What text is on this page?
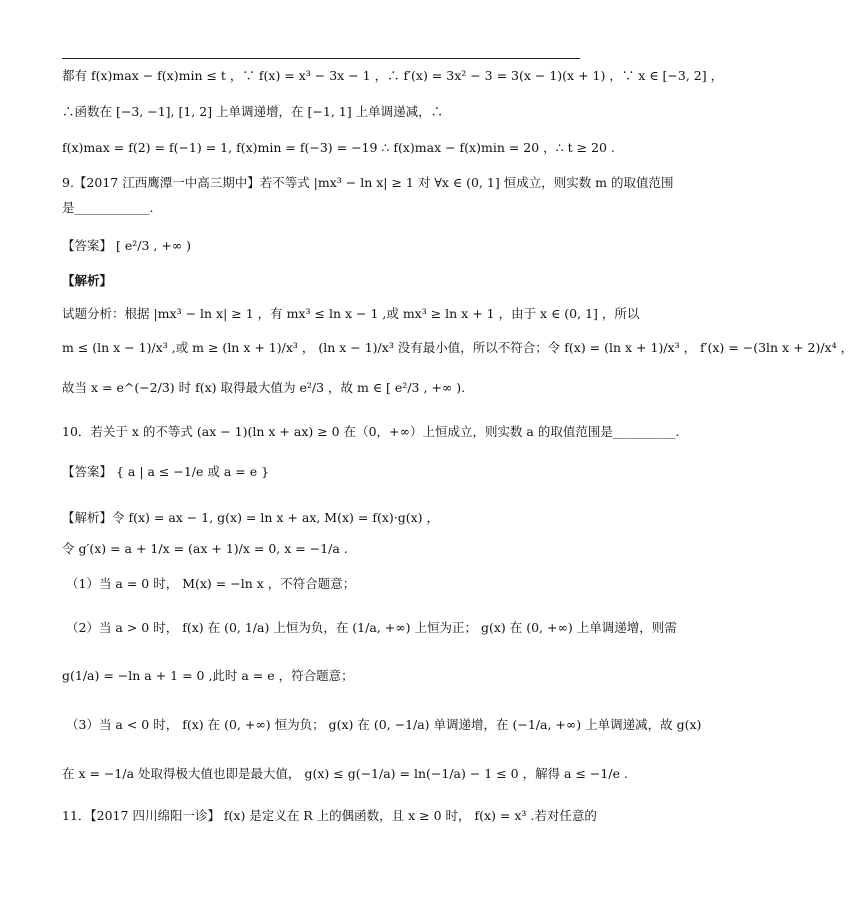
都有 f(x)max − f(x)min ≤ t ，∵ f(x) = x³ − 3x − 1 ，∴ f′(x) = 3x² − 3 = 3(x − 1)(x + 1) ，∵ x ∈ [−3, 2] ，
∴函数在 [−3, −1], [1, 2] 上单调递增，在 [−1, 1] 上单调递减，∴
f(x)max = f(2) = f(−1) = 1, f(x)min = f(−3) = −19 ∴ f(x)max − f(x)min = 20 ，∴ t ≥ 20 .
9.【2017 江西鹰潭一中高三期中】若不等式 |mx³ − ln x| ≥ 1 对 ∀x ∈ (0, 1] 恒成立，则实数 m 的取值范围
是____________.
【答案】 [ e²/3 , +∞ )
【解析】
试题分析：根据 |mx³ − ln x| ≥ 1 ，有 mx³ ≤ ln x − 1 ,或 mx³ ≥ ln x + 1 ，由于 x ∈ (0, 1] ，所以
m ≤ (ln x − 1)/x³ ,或 m ≥ (ln x + 1)/x³ ， (ln x − 1)/x³ 没有最小值，所以不符合；令 f(x) = (ln x + 1)/x³ ， f′(x) = −(3ln x + 2)/x⁴ ，
故当 x = e^(−2/3) 时 f(x) 取得最大值为 e²/3 ，故 m ∈ [ e²/3 , +∞ ).
10．若关于 x 的不等式 (ax − 1)(ln x + ax) ≥ 0 在（0，+∞）上恒成立，则实数 a 的取值范围是__________.
【答案】 { a | a ≤ −1/e 或 a = e }
【解析】令 f(x) = ax − 1, g(x) = ln x + ax, M(x) = f(x)·g(x) ，
令 g′(x) = a + 1/x = (ax + 1)/x = 0, x = −1/a .
（1）当 a = 0 时， M(x) = −ln x ，不符合题意；
（2）当 a > 0 时， f(x) 在 (0, 1/a) 上恒为负，在 (1/a, +∞) 上恒为正； g(x) 在 (0, +∞) 上单调递增，则需
g(1/a) = −ln a + 1 = 0 ,此时 a = e ，符合题意；
（3）当 a < 0 时， f(x) 在 (0, +∞) 恒为负； g(x) 在 (0, −1/a) 单调递增，在 (−1/a, +∞) 上单调递减，故 g(x)
在 x = −1/a 处取得极大值也即是最大值， g(x) ≤ g(−1/a) = ln(−1/a) − 1 ≤ 0 ，解得 a ≤ −1/e .
11．【2017 四川绵阳一诊】 f(x) 是定义在 R 上的偶函数，且 x ≥ 0 时， f(x) = x³ .若对任意的
